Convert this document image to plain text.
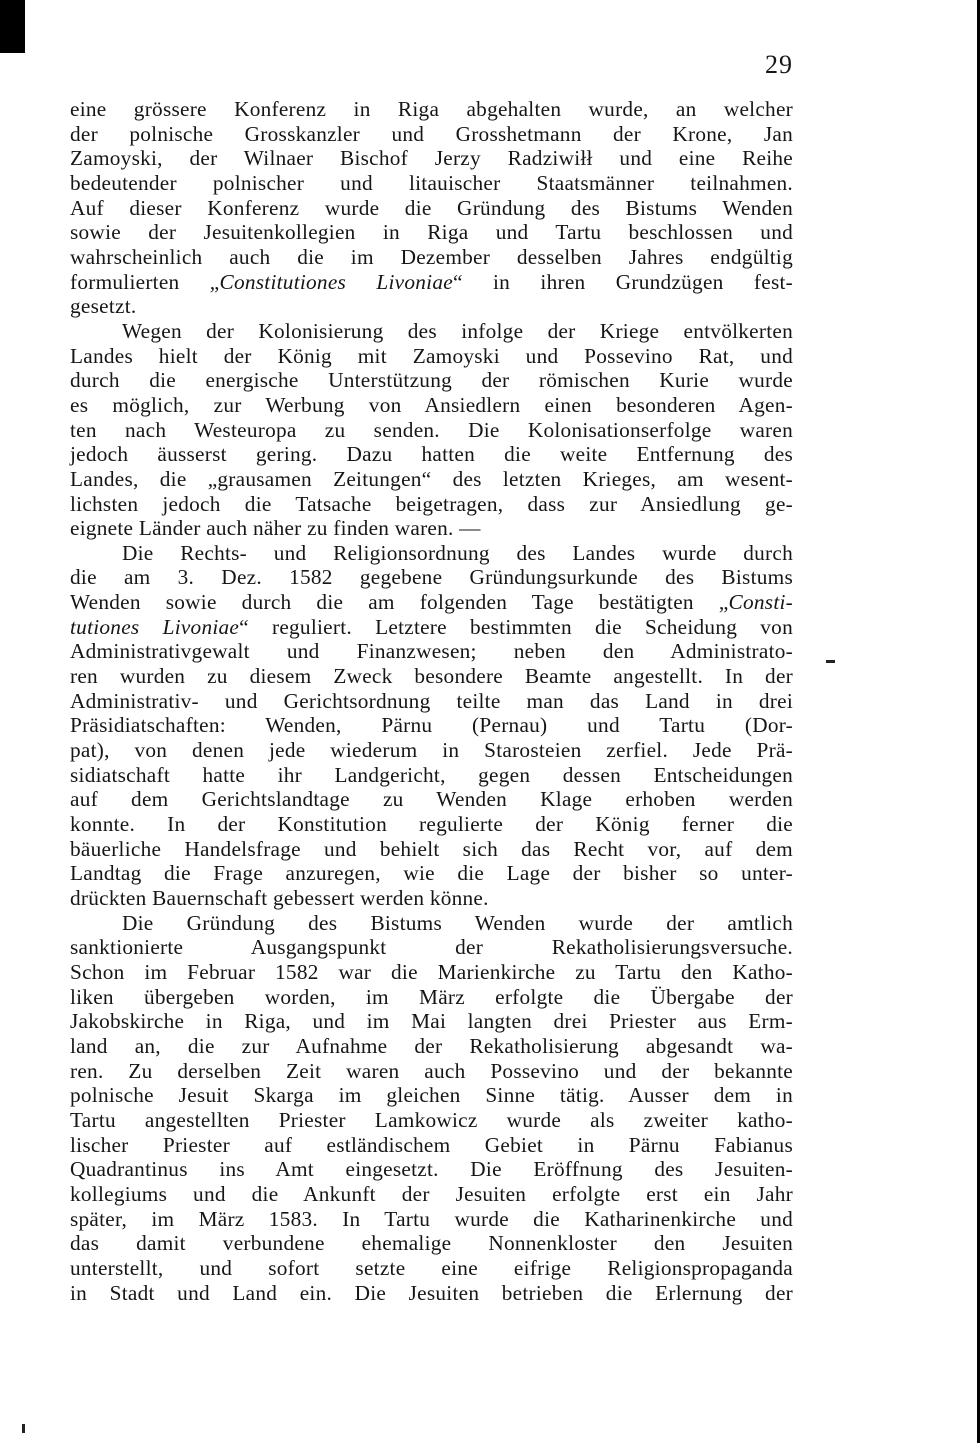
29
eine grössere Konferenz in Riga abgehalten wurde, an welcher
der polnische Grosskanzler und Grosshetmann der Krone, Jan
Zamoyski, der Wilnaer Bischof Jerzy Radziwiłł und eine Reihe
bedeutender polnischer und litauischer Staatsmänner teilnahmen.
Auf dieser Konferenz wurde die Gründung des Bistums Wenden
sowie der Jesuitenkollegien in Riga und Tartu beschlossen und
wahrscheinlich auch die im Dezember desselben Jahres endgültig
formulierten „Constitutiones Livoniae“ in ihren Grundzügen fest-
gesetzt.
Wegen der Kolonisierung des infolge der Kriege entvölkerten
Landes hielt der König mit Zamoyski und Possevino Rat, und
durch die energische Unterstützung der römischen Kurie wurde
es möglich, zur Werbung von Ansiedlern einen besonderen Agen-
ten nach Westeuropa zu senden. Die Kolonisationserfolge waren
jedoch äusserst gering. Dazu hatten die weite Entfernung des
Landes, die „grausamen Zeitungen“ des letzten Krieges, am wesent-
lichsten jedoch die Tatsache beigetragen, dass zur Ansiedlung ge-
eignete Länder auch näher zu finden waren. —
Die Rechts- und Religionsordnung des Landes wurde durch
die am 3. Dez. 1582 gegebene Gründungsurkunde des Bistums
Wenden sowie durch die am folgenden Tage bestätigten „Consti-
tutiones Livoniae“ reguliert. Letztere bestimmten die Scheidung von
Administrativgewalt und Finanzwesen; neben den Administrato-
ren wurden zu diesem Zweck besondere Beamte angestellt. In der
Administrativ- und Gerichtsordnung teilte man das Land in drei
Präsidiatschaften: Wenden, Pärnu (Pernau) und Tartu (Dor-
pat), von denen jede wiederum in Starosteien zerfiel. Jede Prä-
sidiatschaft hatte ihr Landgericht, gegen dessen Entscheidungen
auf dem Gerichtslandtage zu Wenden Klage erhoben werden
konnte. In der Konstitution regulierte der König ferner die
bäuerliche Handelsfrage und behielt sich das Recht vor, auf dem
Landtag die Frage anzuregen, wie die Lage der bisher so unter-
drückten Bauernschaft gebessert werden könne.
Die Gründung des Bistums Wenden wurde der amtlich
sanktionierte Ausgangspunkt der Rekatholisierungsversuche.
Schon im Februar 1582 war die Marienkirche zu Tartu den Katho-
liken übergeben worden, im März erfolgte die Übergabe der
Jakobskirche in Riga, und im Mai langten drei Priester aus Erm-
land an, die zur Aufnahme der Rekatholisierung abgesandt wa-
ren. Zu derselben Zeit waren auch Possevino und der bekannte
polnische Jesuit Skarga im gleichen Sinne tätig. Ausser dem in
Tartu angestellten Priester Lamkowicz wurde als zweiter katho-
lischer Priester auf estländischem Gebiet in Pärnu Fabianus
Quadrantinus ins Amt eingesetzt. Die Eröffnung des Jesuiten-
kollegiums und die Ankunft der Jesuiten erfolgte erst ein Jahr
später, im März 1583. In Tartu wurde die Katharinenkirche und
das damit verbundene ehemalige Nonnenkloster den Jesuiten
unterstellt, und sofort setzte eine eifrige Religionspropaganda
in Stadt und Land ein. Die Jesuiten betrieben die Erlernung der
